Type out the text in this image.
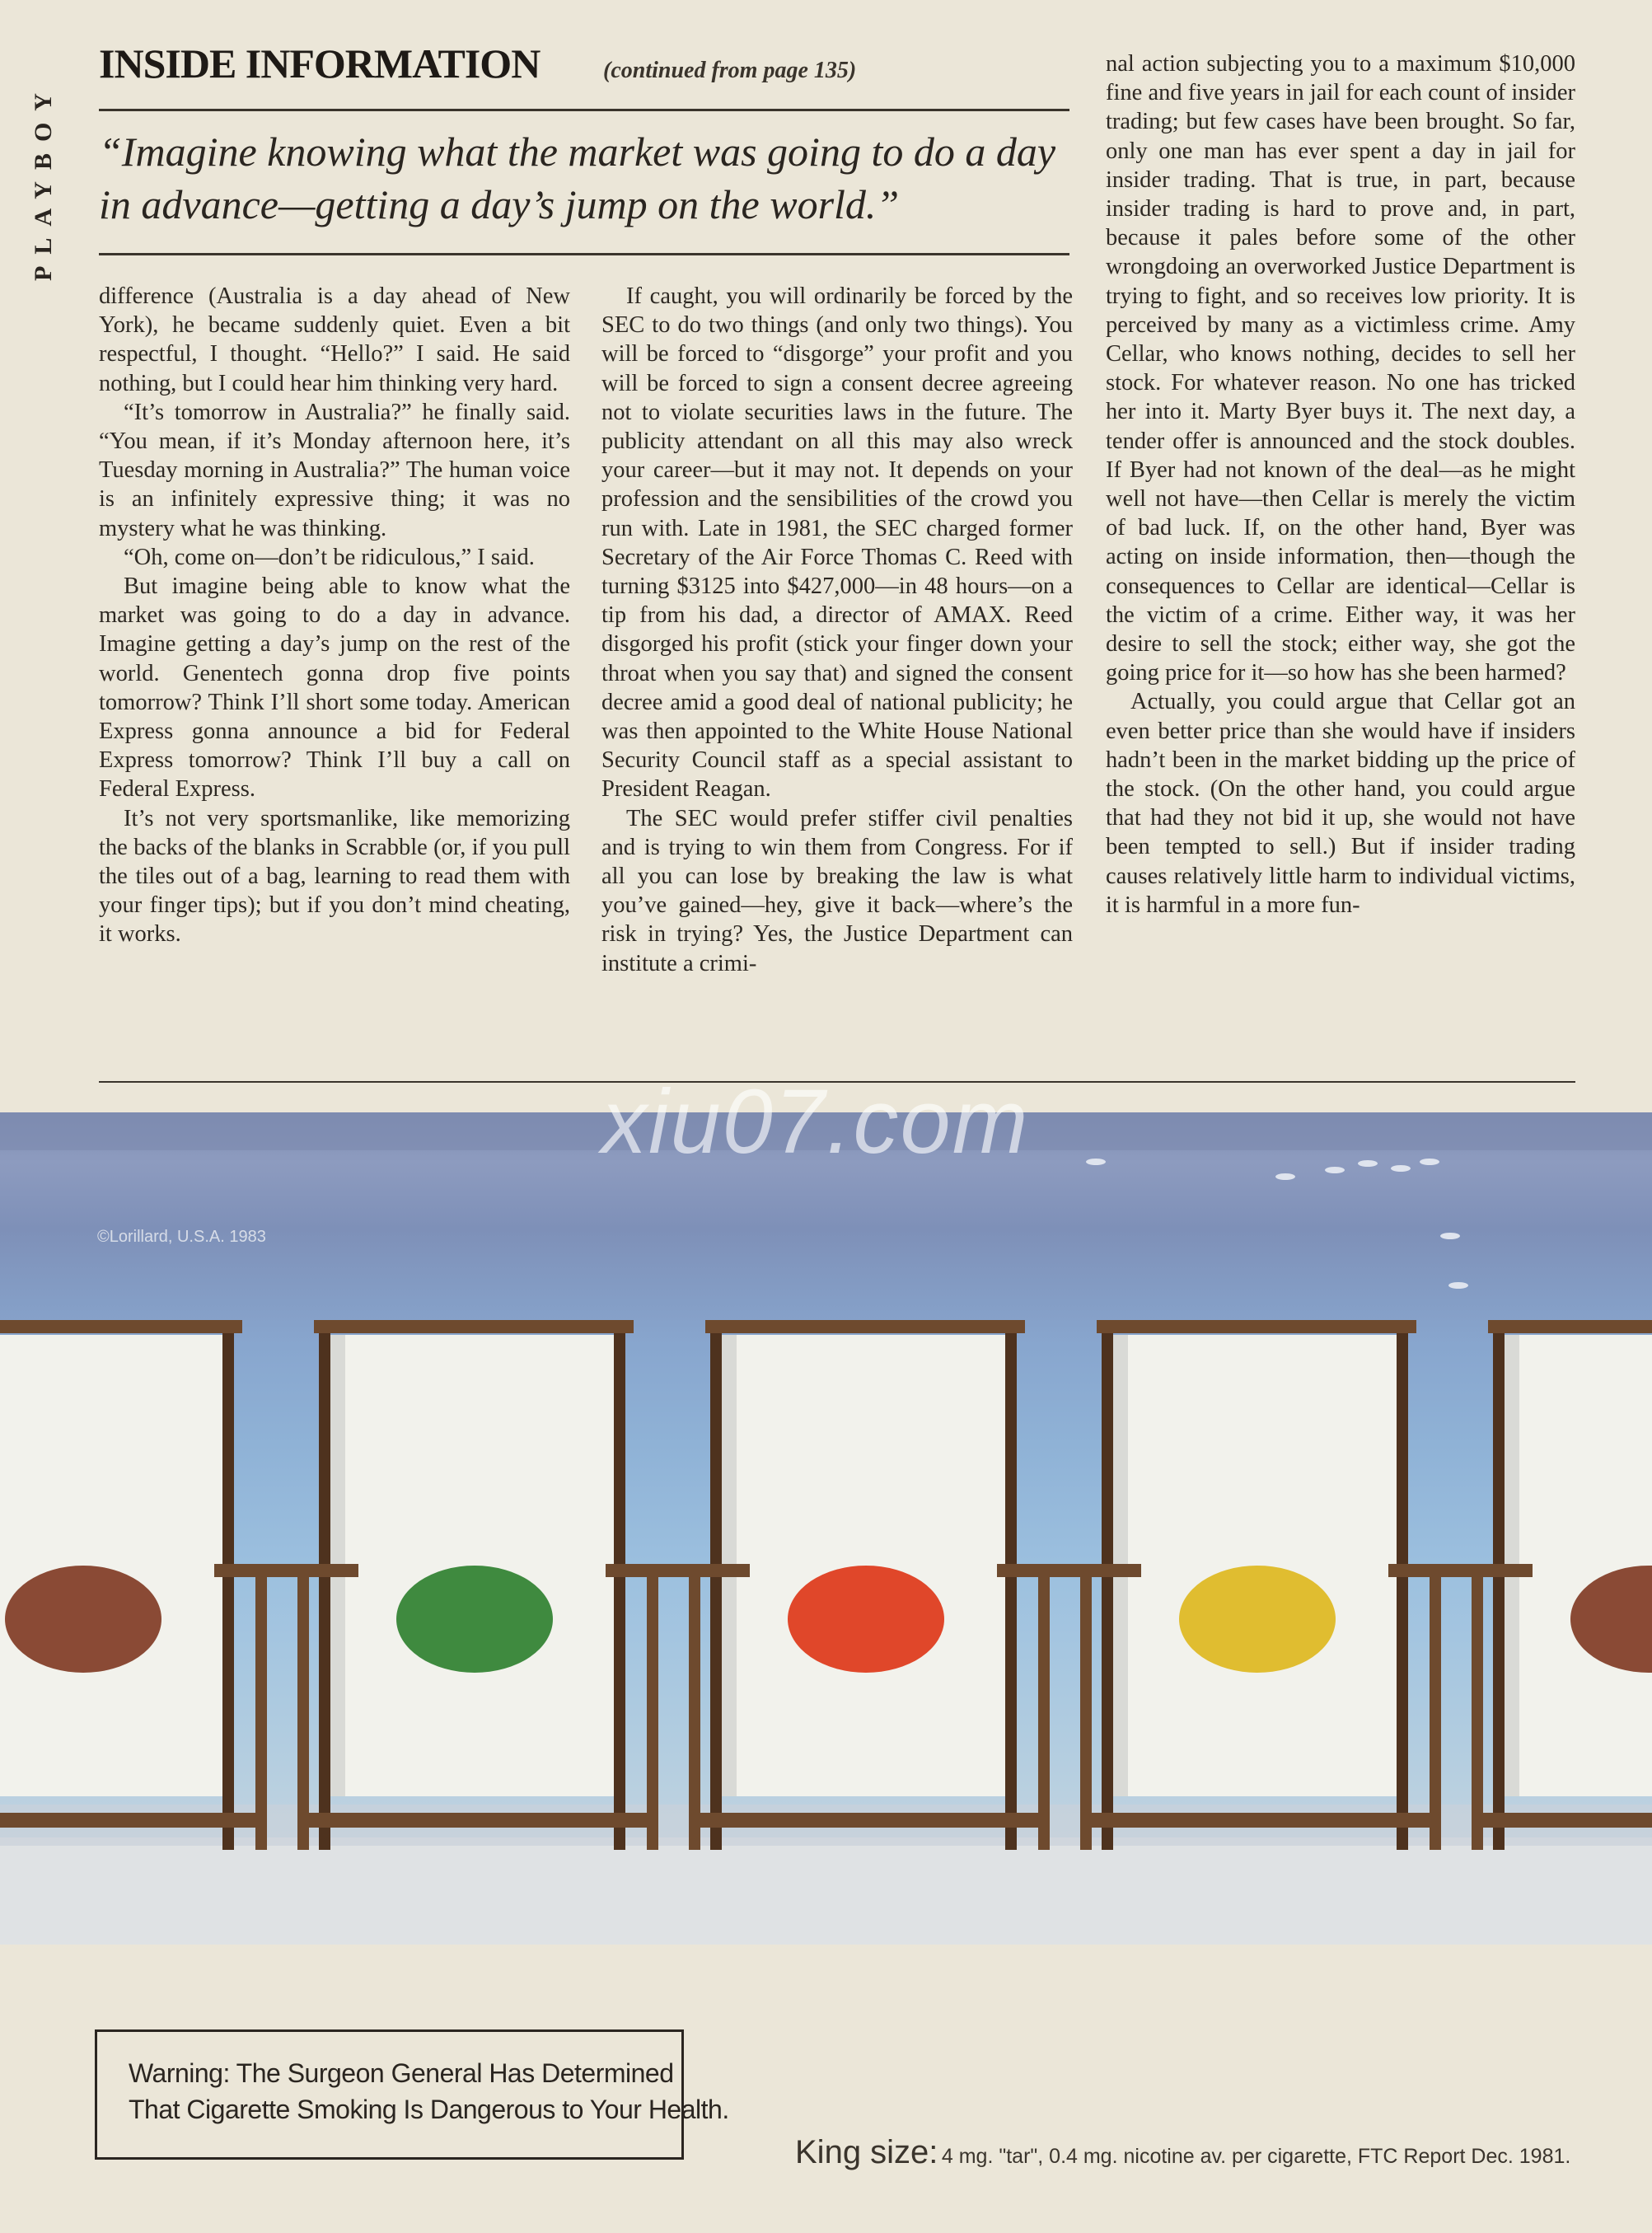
PLAYBOY
INSIDE INFORMATION	(continued from page 135)
“Imagine knowing what the market was going to do a day in advance—getting a day’s jump on the world.”

difference (Australia is a day ahead of New York), he became suddenly quiet. Even a bit respectful, I thought. “Hello?” I said. He said nothing, but I could hear him thinking very hard.

“It’s tomorrow in Australia?” he finally said. “You mean, if it’s Monday afternoon here, it’s Tuesday morning in Australia?” The human voice is an infinitely expressive thing; it was no mystery what he was thinking.

“Oh, come on—don’t be ridiculous,” I said.

But imagine being able to know what the market was going to do a day in advance. Imagine getting a day’s jump on the rest of the world. Genentech gonna drop five points tomorrow? Think I’ll short some today. American Express gonna announce a bid for Federal Express tomorrow? Think I’ll buy a call on Federal Express.

It’s not very sportsmanlike, like memorizing the backs of the blanks in Scrabble (or, if you pull the tiles out of a bag, learning to read them with your finger tips); but if you don’t mind cheating, it works.

If caught, you will ordinarily be forced by the SEC to do two things (and only two things). You will be forced to “disgorge” your profit and you will be forced to sign a consent decree agreeing not to violate securities laws in the future. The publicity attendant on all this may also wreck your career—but it may not. It depends on your profession and the sensibilities of the crowd you run with. Late in 1981, the SEC charged former Secretary of the Air Force Thomas C. Reed with turning $3125 into $427,000—in 48 hours—on a tip from his dad, a director of AMAX. Reed disgorged his profit (stick your finger down your throat when you say that) and signed the consent decree amid a good deal of national publicity; he was then appointed to the White House National Security Council staff as a special assistant to President Reagan.

The SEC would prefer stiffer civil penalties and is trying to win them from Congress. For if all you can lose by breaking the law is what you’ve gained—hey, give it back—where’s the risk in trying? Yes, the Justice Department can institute a crimi-

nal action subjecting you to a maximum $10,000 fine and five years in jail for each count of insider trading; but few cases have been brought. So far, only one man has ever spent a day in jail for insider trading. That is true, in part, because insider trading is hard to prove and, in part, because it pales before some of the other wrongdoing an overworked Justice Department is trying to fight, and so receives low priority. It is perceived by many as a victimless crime. Amy Cellar, who knows nothing, decides to sell her stock. For whatever reason. No one has tricked her into it. Marty Byer buys it. The next day, a tender offer is announced and the stock doubles. If Byer had not known of the deal—as he might well not have—then Cellar is merely the victim of bad luck. If, on the other hand, Byer was acting on inside information, then—though the consequences to Cellar are identical—Cellar is the victim of a crime. Either way, it was her desire to sell the stock; either way, she got the going price for it—so how has she been harmed?

Actually, you could argue that Cellar got an even better price than she would have if insiders hadn’t been in the market bidding up the price of the stock. (On the other hand, you could argue that had they not bid it up, she would not have been tempted to sell.) But if insider trading causes relatively little harm to individual victims, it is harmful in a more fun-

©Lorillard, U.S.A. 1983
xiu07.com
Warning: The Surgeon General Has Determined
That Cigarette Smoking Is Dangerous to Your Health.
King size: 4 mg. "tar", 0.4 mg. nicotine av. per cigarette, FTC Report Dec. 1981.
